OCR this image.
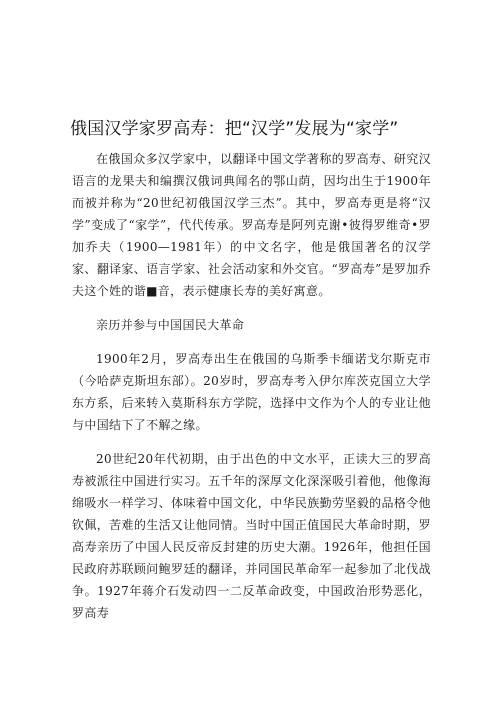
俄国汉学家罗高寿：把“汉学”发展为“家学”

在俄国众多汉学家中，以翻译中国文学著称的罗高寿、研究汉语言的龙果夫和编撰汉俄词典闻名的鄂山荫，因均出生于1900年而被并称为“20世纪初俄国汉学三杰”。其中，罗高寿更是将“汉学”变成了“家学”，代代传承。罗高寿是阿列克谢•彼得罗维奇•罗加乔夫（1900—1981年）的中文名字，他是俄国著名的汉学家、翻译家、语言学家、社会活动家和外交官。“罗高寿”是罗加乔夫这个姓的谐■音，表示健康长寿的美好寓意。

亲历并参与中国国民大革命

1900年2月，罗高寿出生在俄国的乌斯季卡缅诺戈尔斯克市（今哈萨克斯坦东部）。20岁时，罗高寿考入伊尔库茨克国立大学东方系，后来转入莫斯科东方学院，选择中文作为个人的专业让他与中国结下了不解之缘。

20世纪20年代初期，由于出色的中文水平，正读大三的罗高寿被派往中国进行实习。五千年的深厚文化深深吸引着他，他像海绵吸水一样学习、体味着中国文化，中华民族勤劳坚毅的品格令他钦佩，苦难的生活又让他同情。当时中国正值国民大革命时期，罗高寿亲历了中国人民反帝反封建的历史大潮。1926年，他担任国民政府苏联顾问鲍罗廷的翻译，并同国民革命军一起参加了北伐战争。1927年蒋介石发动四一二反革命政变，中国政治形势恶化，罗高寿
